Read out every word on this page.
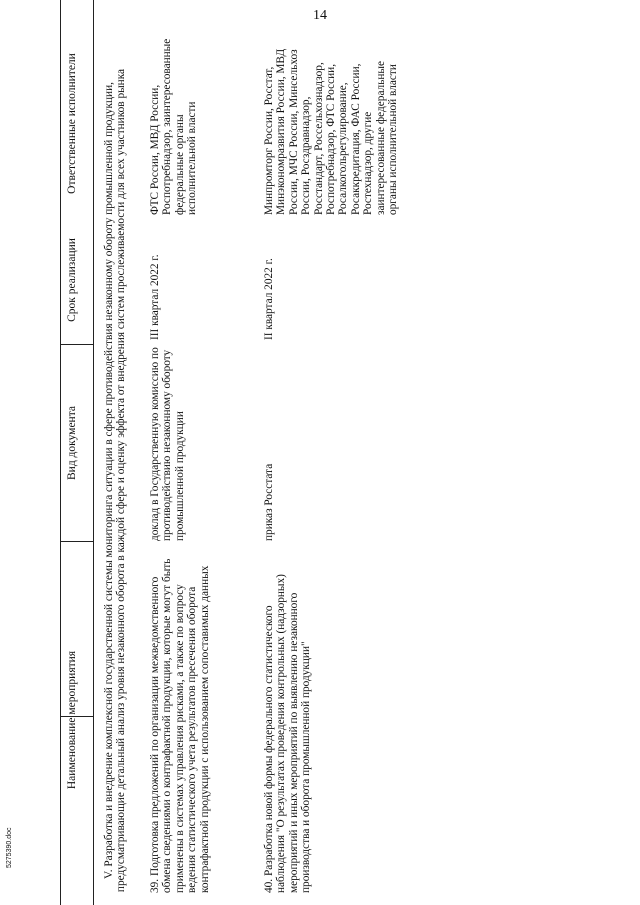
14
Ответственные исполнители
Срок реализации
Вид документа
Наименование мероприятия V. Разработка и внедрение комплексной государственной системы мониторинга ситуации в сфере противодействия незаконному обороту промышленной продукции, предусматривающие детальный анализ уровня незаконного оборота в каждой сфере и оценку эффекта от внедрения систем прослеживаемости для всех участников рынка 39. Подготовка предложений по организации межведомственного обмена сведениями о контрафактной продукции, которые могут быть применены в системах управления рисками, а также по вопросу ведения статистического учета результатов пресечения оборота контрафактной продукции с использованием сопоставимых данных
доклад в Государственную комиссию по противодействию незаконному обороту промышленной продукции
III квартал 2022 г.
ФТС России, МВД России, Роспотребнадзор, заинтересованные федеральные органы исполнительной власти
40. Разработка новой формы федерального статистического наблюдения "О результатах проведения контрольных (надзорных) мероприятий и иных мероприятий по выявлению незаконного производства и оборота промышленной продукции"
приказ Росстата
II квартал 2022 г.
Минпромторг России, Росстат, Минэкономразвития России, МВД России, МЧС России, Минсельхоз России, Росздравнадзор, Росстандарт, Россельхознадзор, Роспотребнадзор, ФТС России, Росалкогольрегулирование, Росаккредитация, ФАС России, Ростехнадзор, другие заинтересованные федеральные органы исполнительной власти
5275390.doc
